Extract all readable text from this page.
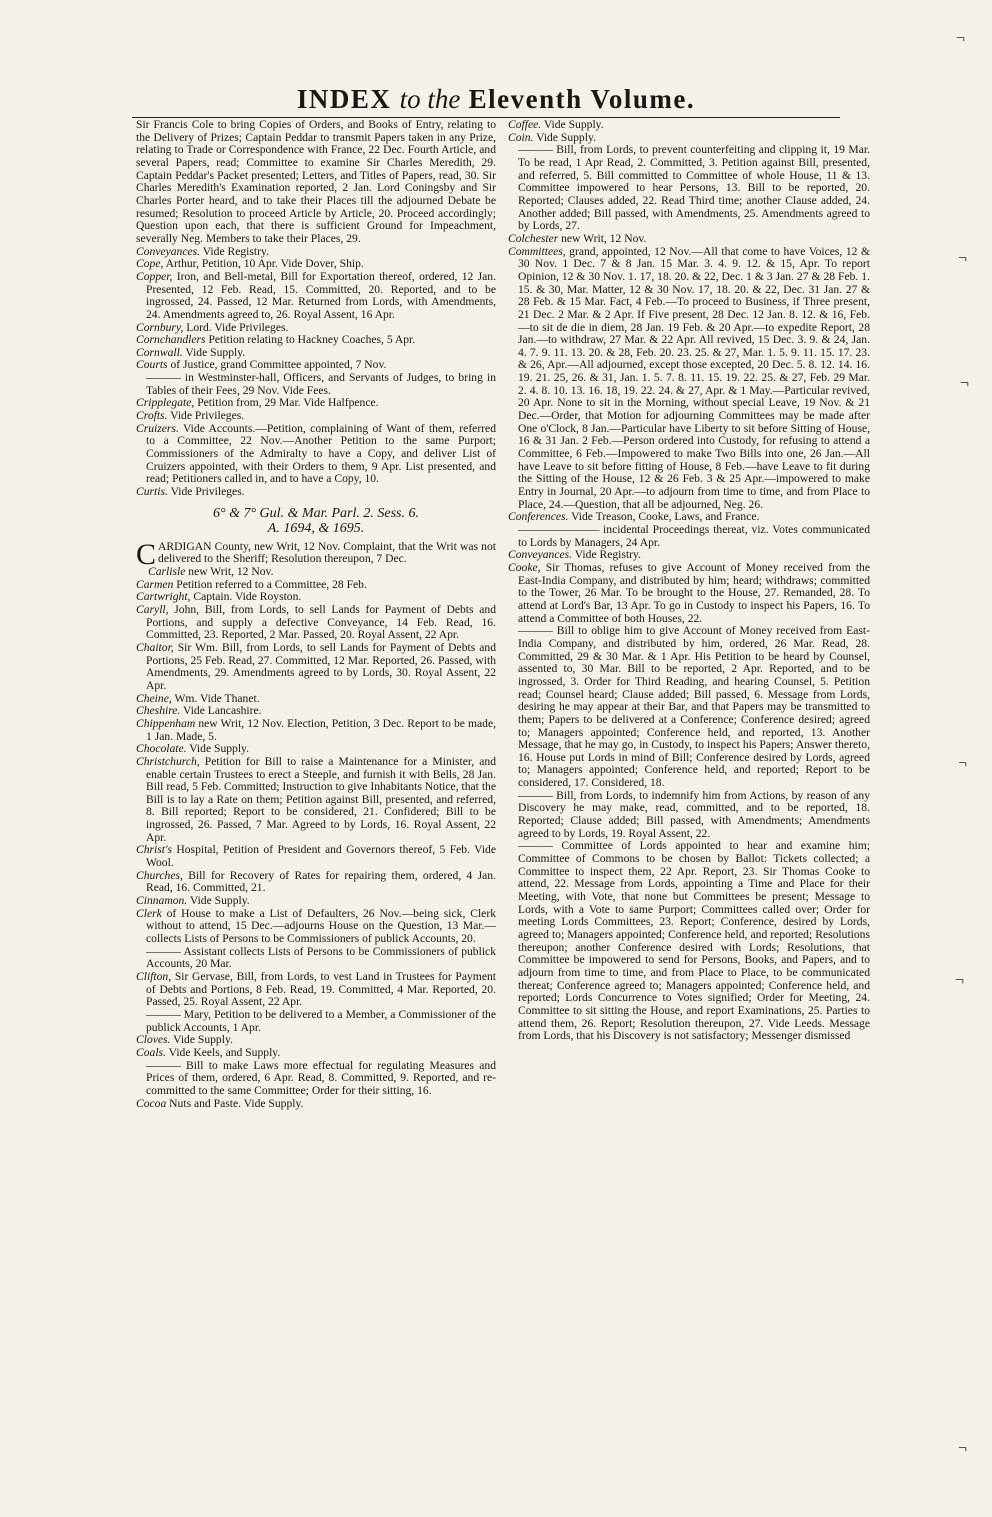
INDEX to the Eleventh Volume.
¬
¬
¬
¬
¬
¬

Sir Francis Cole to bring Copies of Orders, and Books of Entry, relating to the Delivery of Prizes; Captain Peddar to transmit Papers taken in any Prize, relating to Trade or Correspondence with France, 22 Dec. Fourth Article, and several Papers, read; Committee to examine Sir Charles Meredith, 29. Captain Peddar's Packet presented; Letters, and Titles of Papers, read, 30. Sir Charles Meredith's Examination reported, 2 Jan. Lord Coningsby and Sir Charles Porter heard, and to take their Places till the adjourned Debate be resumed; Resolution to proceed Article by Article, 20. Proceed accordingly; Question upon each, that there is sufficient Ground for Impeachment, severally Neg. Members to take their Places, 29.

Conveyances. Vide Registry.

Cope, Arthur, Petition, 10 Apr. Vide Dover, Ship.

Copper, Iron, and Bell-metal, Bill for Exportation thereof, ordered, 12 Jan. Presented, 12 Feb. Read, 15. Committed, 20. Reported, and to be ingrossed, 24. Passed, 12 Mar. Returned from Lords, with Amendments, 24. Amendments agreed to, 26. Royal Assent, 16 Apr.

Cornbury, Lord. Vide Privileges.

Cornchandlers Petition relating to Hackney Coaches, 5 Apr.

Cornwall. Vide Supply.

Courts of Justice, grand Committee appointed, 7 Nov.

——— in Westminster-hall, Officers, and Servants of Judges, to bring in Tables of their Fees, 29 Nov. Vide Fees.

Cripplegate, Petition from, 29 Mar. Vide Halfpence.

Crofts. Vide Privileges.

Cruizers. Vide Accounts.—Petition, complaining of Want of them, referred to a Committee, 22 Nov.—Another Petition to the same Purport; Commissioners of the Admiralty to have a Copy, and deliver List of Cruizers appointed, with their Orders to them, 9 Apr. List presented, and read; Petitioners called in, and to have a Copy, 10.

Curtis. Vide Privileges.

6° & 7° Gul. & Mar. Parl. 2. Sess. 6.
A. 1694, & 1695.

CARDIGAN County, new Writ, 12 Nov. Complaint, that the Writ was not delivered to the Sheriff; Resolution thereupon, 7 Dec.

Carlisle new Writ, 12 Nov.

Carmen Petition referred to a Committee, 28 Feb.

Cartwright, Captain. Vide Royston.

Caryll, John, Bill, from Lords, to sell Lands for Payment of Debts and Portions, and supply a defective Conveyance, 14 Feb. Read, 16. Committed, 23. Reported, 2 Mar. Passed, 20. Royal Assent, 22 Apr.

Chaitor, Sir Wm. Bill, from Lords, to sell Lands for Payment of Debts and Portions, 25 Feb. Read, 27. Committed, 12 Mar. Reported, 26. Passed, with Amendments, 29. Amendments agreed to by Lords, 30. Royal Assent, 22 Apr.

Cheine, Wm. Vide Thanet.

Cheshire. Vide Lancashire.

Chippenham new Writ, 12 Nov. Election, Petition, 3 Dec. Report to be made, 1 Jan. Made, 5.

Chocolate. Vide Supply.

Christchurch, Petition for Bill to raise a Maintenance for a Minister, and enable certain Trustees to erect a Steeple, and furnish it with Bells, 28 Jan. Bill read, 5 Feb. Committed; Instruction to give Inhabitants Notice, that the Bill is to lay a Rate on them; Petition against Bill, presented, and referred, 8. Bill reported; Report to be considered, 21. Confidered; Bill to be ingrossed, 26. Passed, 7 Mar. Agreed to by Lords, 16. Royal Assent, 22 Apr.

Christ's Hospital, Petition of President and Governors thereof, 5 Feb. Vide Wool.

Churches, Bill for Recovery of Rates for repairing them, ordered, 4 Jan. Read, 16. Committed, 21.

Cinnamon. Vide Supply.

Clerk of House to make a List of Defaulters, 26 Nov.—being sick, Clerk without to attend, 15 Dec.—adjourns House on the Question, 13 Mar.—collects Lists of Persons to be Commissioners of publick Accounts, 20.

——— Assistant collects Lists of Persons to be Commissioners of publick Accounts, 20 Mar.

Clifton, Sir Gervase, Bill, from Lords, to vest Land in Trustees for Payment of Debts and Portions, 8 Feb. Read, 19. Committed, 4 Mar. Reported, 20. Passed, 25. Royal Assent, 22 Apr.

——— Mary, Petition to be delivered to a Member, a Commissioner of the publick Accounts, 1 Apr.

Cloves. Vide Supply.

Coals. Vide Keels, and Supply.

——— Bill to make Laws more effectual for regulating Measures and Prices of them, ordered, 6 Apr. Read, 8. Committed, 9. Reported, and re-committed to the same Committee; Order for their sitting, 16.

Cocoa Nuts and Paste. Vide Supply.

Coffee. Vide Supply.

Coin. Vide Supply.

——— Bill, from Lords, to prevent counterfeiting and clipping it, 19 Mar. To be read, 1 Apr Read, 2. Committed, 3. Petition against Bill, presented, and referred, 5. Bill committed to Committee of whole House, 11 & 13. Committee impowered to hear Persons, 13. Bill to be reported, 20. Reported; Clauses added, 22. Read Third time; another Clause added, 24. Another added; Bill passed, with Amendments, 25. Amendments agreed to by Lords, 27.

Colchester new Writ, 12 Nov.

Committees, grand, appointed, 12 Nov.—All that come to have Voices, 12 & 30 Nov. 1 Dec. 7 & 8 Jan. 15 Mar. 3. 4. 9. 12. & 15, Apr. To report Opinion, 12 & 30 Nov. 1. 17, 18. 20. & 22, Dec. 1 & 3 Jan. 27 & 28 Feb. 1. 15. & 30, Mar. Matter, 12 & 30 Nov. 17, 18. 20. & 22, Dec. 31 Jan. 27 & 28 Feb. & 15 Mar. Fact, 4 Feb.—To proceed to Business, if Three present, 21 Dec. 2 Mar. & 2 Apr. If Five present, 28 Dec. 12 Jan. 8. 12. & 16, Feb.—to sit de die in diem, 28 Jan. 19 Feb. & 20 Apr.—to expedite Report, 28 Jan.—to withdraw, 27 Mar. & 22 Apr. All revived, 15 Dec. 3. 9. & 24, Jan. 4. 7. 9. 11. 13. 20. & 28, Feb. 20. 23. 25. & 27, Mar. 1. 5. 9. 11. 15. 17. 23. & 26, Apr.—All adjourned, except those excepted, 20 Dec. 5. 8. 12. 14. 16. 19. 21. 25, 26. & 31, Jan. 1. 5. 7. 8. 11. 15. 19. 22. 25. & 27, Feb. 29 Mar. 2. 4. 8. 10. 13. 16. 18, 19. 22. 24. & 27, Apr. & 1 May.—Particular revived, 20 Apr. None to sit in the Morning, without special Leave, 19 Nov. & 21 Dec.—Order, that Motion for adjourning Committees may be made after One o'Clock, 8 Jan.—Particular have Liberty to sit before Sitting of House, 16 & 31 Jan. 2 Feb.—Person ordered into Custody, for refusing to attend a Committee, 6 Feb.—Impowered to make Two Bills into one, 26 Jan.—All have Leave to sit before fitting of House, 8 Feb.—have Leave to fit during the Sitting of the House, 12 & 26 Feb. 3 & 25 Apr.—impowered to make Entry in Journal, 20 Apr.—to adjourn from time to time, and from Place to Place, 24.—Question, that all be adjourned, Neg. 26.

Conferences. Vide Treason, Cooke, Laws, and France.

——————— incidental Proceedings thereat, viz. Votes communicated to Lords by Managers, 24 Apr.

Conveyances. Vide Registry.

Cooke, Sir Thomas, refuses to give Account of Money received from the East-India Company, and distributed by him; heard; withdraws; committed to the Tower, 26 Mar. To be brought to the House, 27. Remanded, 28. To attend at Lord's Bar, 13 Apr. To go in Custody to inspect his Papers, 16. To attend a Committee of both Houses, 22.

——— Bill to oblige him to give Account of Money received from East-India Company, and distributed by him, ordered, 26 Mar. Read, 28. Committed, 29 & 30 Mar. & 1 Apr. His Petition to be heard by Counsel, assented to, 30 Mar. Bill to be reported, 2 Apr. Reported, and to be ingrossed, 3. Order for Third Reading, and hearing Counsel, 5. Petition read; Counsel heard; Clause added; Bill passed, 6. Message from Lords, desiring he may appear at their Bar, and that Papers may be transmitted to them; Papers to be delivered at a Conference; Conference desired; agreed to; Managers appointed; Conference held, and reported, 13. Another Message, that he may go, in Custody, to inspect his Papers; Answer thereto, 16. House put Lords in mind of Bill; Conference desired by Lords, agreed to; Managers appointed; Conference held, and reported; Report to be considered, 17. Considered, 18.

——— Bill, from Lords, to indemnify him from Actions, by reason of any Discovery he may make, read, committed, and to be reported, 18. Reported; Clause added; Bill passed, with Amendments; Amendments agreed to by Lords, 19. Royal Assent, 22.

——— Committee of Lords appointed to hear and examine him; Committee of Commons to be chosen by Ballot: Tickets collected; a Committee to inspect them, 22 Apr. Report, 23. Sir Thomas Cooke to attend, 22. Message from Lords, appointing a Time and Place for their Meeting, with Vote, that none but Committees be present; Message to Lords, with a Vote to same Purport; Committees called over; Order for meeting Lords Committees, 23. Report; Conference, desired by Lords, agreed to; Managers appointed; Conference held, and reported; Resolutions thereupon; another Conference desired with Lords; Resolutions, that Committee be impowered to send for Persons, Books, and Papers, and to adjourn from time to time, and from Place to Place, to be communicated thereat; Conference agreed to; Managers appointed; Conference held, and reported; Lords Concurrence to Votes signified; Order for Meeting, 24. Committee to sit sitting the House, and report Examinations, 25. Parties to attend them, 26. Report; Resolution thereupon, 27. Vide Leeds. Message from Lords, that his Discovery is not satisfactory; Messenger dismissed
